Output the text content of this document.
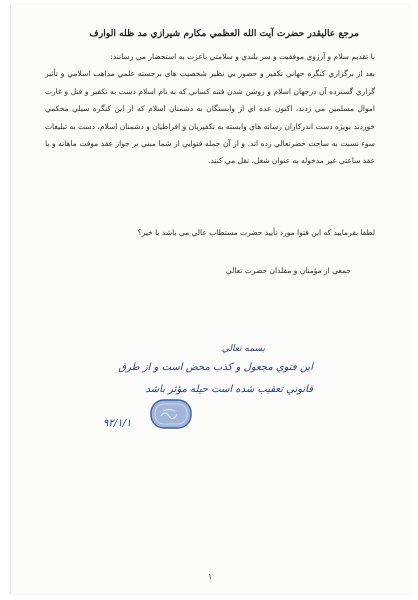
مرجع عاليقدر حضرت آيت الله العظمي مكارم شيرازي مد ظله الوارف

با تقديم سلام و آرزوي موفقيت و سر بلندي و سلامتي باعزت به استحضار مي رسانند:

بعد از برگزاري كنگره جهاني تكفير و حضور بي نظير شخصيت هاي برجسته علمي مذاهب اسلامي و تأثير گزاري گسترده آن درجهان اسلام و روشن شدن فتنه كساني كه به نام اسلام دست به تكفير و قتل و غارت اموال مسلمين مي زدند، اكنون عده اي از وابستگان به دشمنان اسلام كه از اين كنگره سيلي محكمي خوردند بويژه دست اندركاران رسانه هاي وابسته به تكفيريان و افراطيان و دشمنان اسلام، دست به تبليغات سوء نسبت به ساحت حضرتعالي زده اند. و از آن جمله فتوايي از شما مبني بر جواز عقد موقت ماهانه و يا عقد ساعتي غير مدخوله به عنوان شغل، نقل مي كنند.

لطفا بفرماييد كه اين فتوا مورد تأييد حضرت مستطاب عالي مي باشد يا خير؟
جمعي از مؤمنان و مقلدان حضرت تعالي
بسمه تعالي
اين فتوي مجعول و كذب محض است و از طرق
قانوني تعقيب شده است حيله مؤثر باشد
۹۲/۱/۱
۱
